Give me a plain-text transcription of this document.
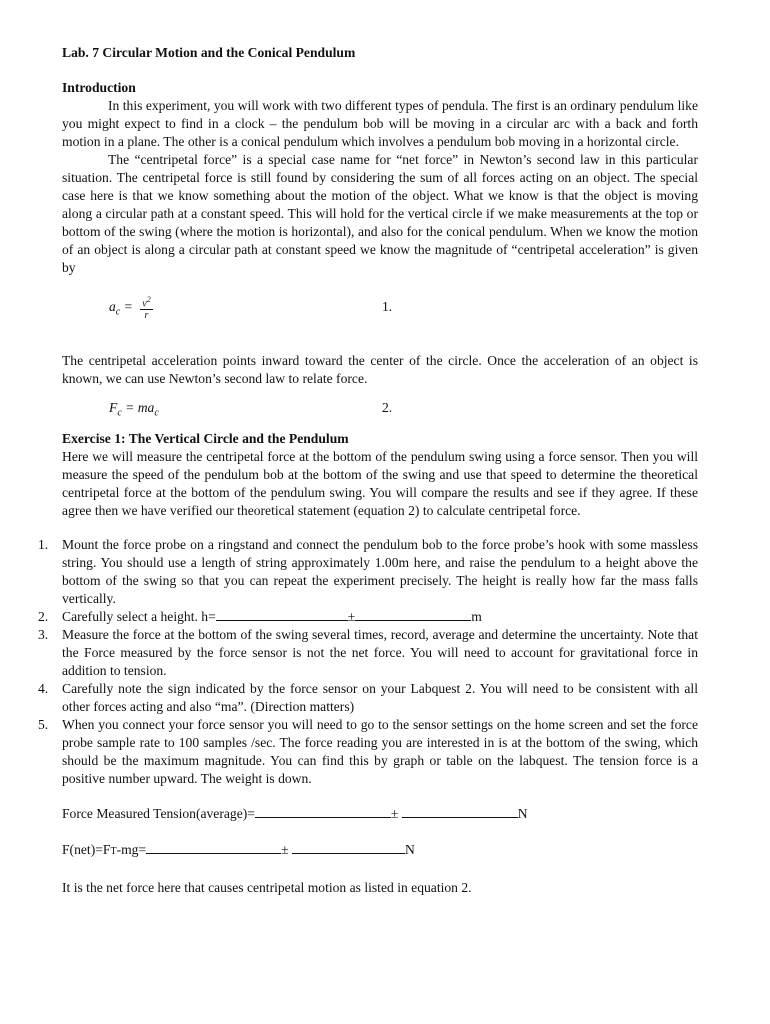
Lab. 7 Circular Motion and the Conical Pendulum
Introduction

In this experiment, you will work with two different types of pendula. The first is an ordinary pendulum like you might expect to find in a clock – the pendulum bob will be moving in a circular arc with a back and forth motion in a plane. The other is a conical pendulum which involves a pendulum bob moving in a horizontal circle.

The “centripetal force” is a special case name for “net force” in Newton’s second law in this particular situation. The centripetal force is still found by considering the sum of all forces acting on an object. The special case here is that we know something about the motion of the object. What we know is that the object is moving along a circular path at a constant speed. This will hold for the vertical circle if we make measurements at the top or bottom of the swing (where the motion is horizontal), and also for the conical pendulum. When we know the motion of an object is along a circular path at constant speed we know the magnitude of “centripetal acceleration” is given by

$a_c = \frac{v^2}{r}$	1.

The centripetal acceleration points inward toward the center of the circle. Once the acceleration of an object is known, we can use Newton’s second law to relate force.

$F_c = ma_c$	2.
Exercise 1: The Vertical Circle and the Pendulum

Here we will measure the centripetal force at the bottom of the pendulum swing using a force sensor. Then you will measure the speed of the pendulum bob at the bottom of the swing and use that speed to determine the theoretical centripetal force at the bottom of the pendulum swing. You will compare the results and see if they agree. If these agree then we have verified our theoretical statement (equation 2) to calculate centripetal force.

1. Mount the force probe on a ringstand and connect the pendulum bob to the force probe’s hook with some massless string. You should use a length of string approximately 1.00m here, and raise the pendulum to a height above the bottom of the swing so that you can repeat the experiment precisely. The height is really how far the mass falls vertically.
2. Carefully select a height. h=	±	m
3. Measure the force at the bottom of the swing several times, record, average and determine the uncertainty. Note that the Force measured by the force sensor is not the net force. You will need to account for gravitational force in addition to tension.
4. Carefully note the sign indicated by the force sensor on your Labquest 2. You will need to be consistent with all other forces acting and also “ma”. (Direction matters)
5. When you connect your force sensor you will need to go to the sensor settings on the home screen and set the force probe sample rate to 100 samples /sec. The force reading you are interested in is at the bottom of the swing, which should be the maximum magnitude. You can find this by graph or table on the labquest. The tension force is a positive number upward. The weight is down.
Force Measured Tension(average)=	±	N
F(net)=FT-mg=	±	N

It is the net force here that causes centripetal motion as listed in equation 2.
